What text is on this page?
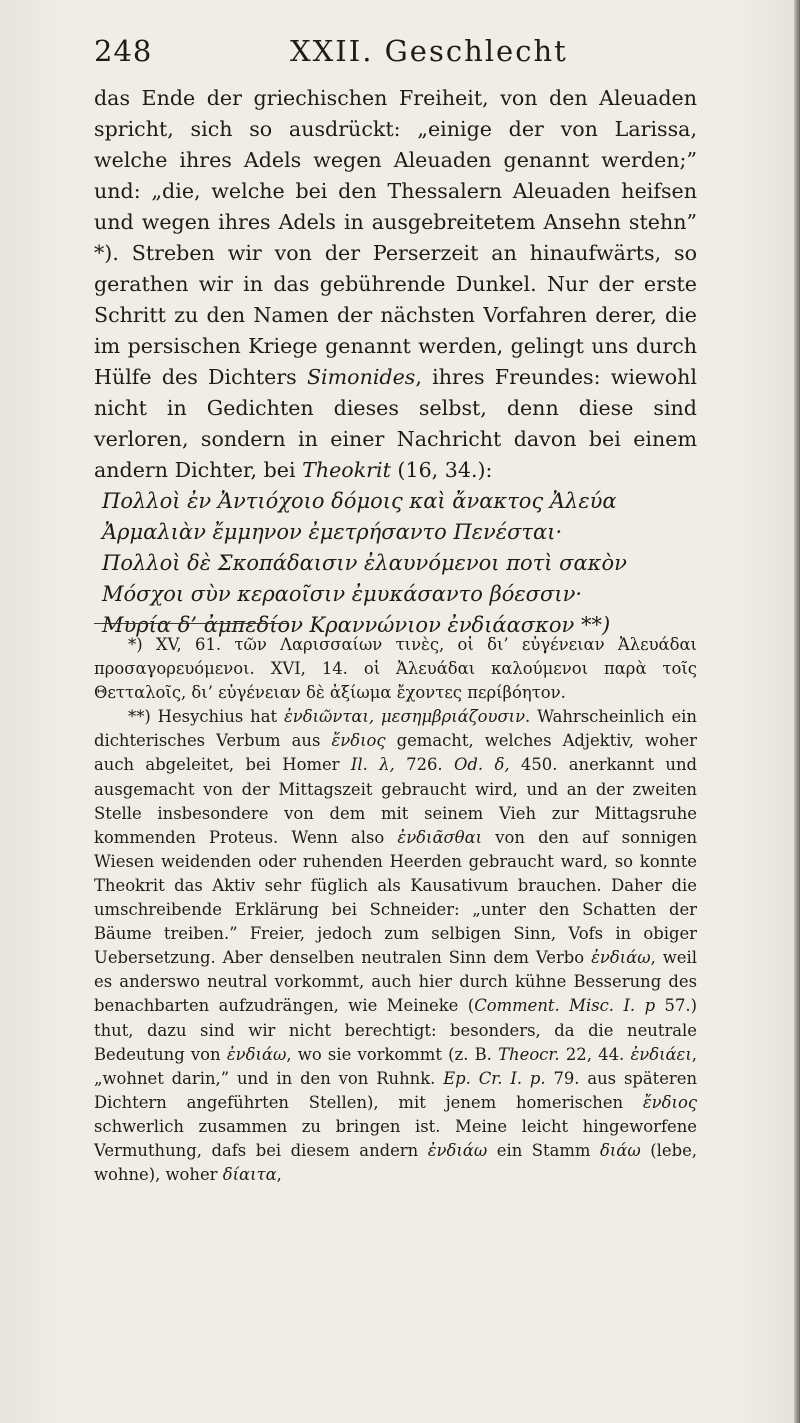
248	XXII. Geschlecht

das Ende der griechischen Freiheit, von den Aleuaden spricht, sich so ausdrückt: „einige der von Larissa, welche ihres Adels wegen Aleuaden genannt werden;” und: „die, welche bei den Thessalern Aleuaden heifsen und wegen ihres Adels in ausgebreitetem Ansehn stehn” *). Streben wir von der Perserzeit an hinaufwärts, so gerathen wir in das gebührende Dunkel. Nur der erste Schritt zu den Namen der nächsten Vorfahren derer, die im persischen Kriege genannt werden, gelingt uns durch Hülfe des Dichters Simonides, ihres Freundes: wiewohl nicht in Gedichten dieses selbst, denn diese sind verloren, sondern in einer Nachricht davon bei einem andern Dichter, bei Theokrit (16, 34.):

Πολλοὶ ἐν Ἀντιόχοιο δόμοις καὶ ἄνακτος Ἀλεύα
Ἀρμαλιὰν ἔμμηνον ἐμετρήσαντο Πενέσται·
Πολλοὶ δὲ Σκοπάδαισιν ἐλαυνόμενοι ποτὶ σακὸν
Μόσχοι σὺν κεραοῖσιν ἐμυκάσαντο βόεσσιν·
Μυρία δ’ ἀμπεδίον Κραννώνιον ἐνδιάασκον **)

*) XV, 61. τῶν Λαρισσαίων τινὲς, οἱ δι’ εὐγένειαν Ἀλευάδαι προσαγορευόμενοι. XVI, 14. οἱ Ἀλευάδαι καλούμενοι παρὰ τοῖς Θετταλοῖς, δι’ εὐγένειαν δὲ ἀξίωμα ἔχοντες περίβόητον.

**) Hesychius hat ἐνδιῶνται, μεσημβριάζουσιν. Wahrscheinlich ein dichterisches Verbum aus ἔνδιος gemacht, welches Adjektiv, woher auch abgeleitet, bei Homer Il. λ, 726. Od. δ, 450. anerkannt und ausgemacht von der Mittagszeit gebraucht wird, und an der zweiten Stelle insbesondere von dem mit seinem Vieh zur Mittagsruhe kommenden Proteus. Wenn also ἐνδιᾶσθαι von den auf sonnigen Wiesen weidenden oder ruhenden Heerden gebraucht ward, so konnte Theokrit das Aktiv sehr füglich als Kausativum brauchen. Daher die umschreibende Erklärung bei Schneider: „unter den Schatten der Bäume treiben.” Freier, jedoch zum selbigen Sinn, Vofs in obiger Uebersetzung. Aber denselben neutralen Sinn dem Verbo ἐνδιάω, weil es anderswo neutral vorkommt, auch hier durch kühne Besserung des benachbarten aufzudrängen, wie Meineke (Comment. Misc. I. p 57.) thut, dazu sind wir nicht berechtigt: besonders, da die neutrale Bedeutung von ἐνδιάω, wo sie vorkommt (z. B. Theocr. 22, 44. ἐνδιάει, „wohnet darin,” und in den von Ruhnk. Ep. Cr. I. p. 79. aus späteren Dichtern angeführten Stellen), mit jenem homerischen ἔνδιος schwerlich zusammen zu bringen ist. Meine leicht hingeworfene Vermuthung, dafs bei diesem andern ἐνδιάω ein Stamm διάω (lebe, wohne), woher δίαιτα,
